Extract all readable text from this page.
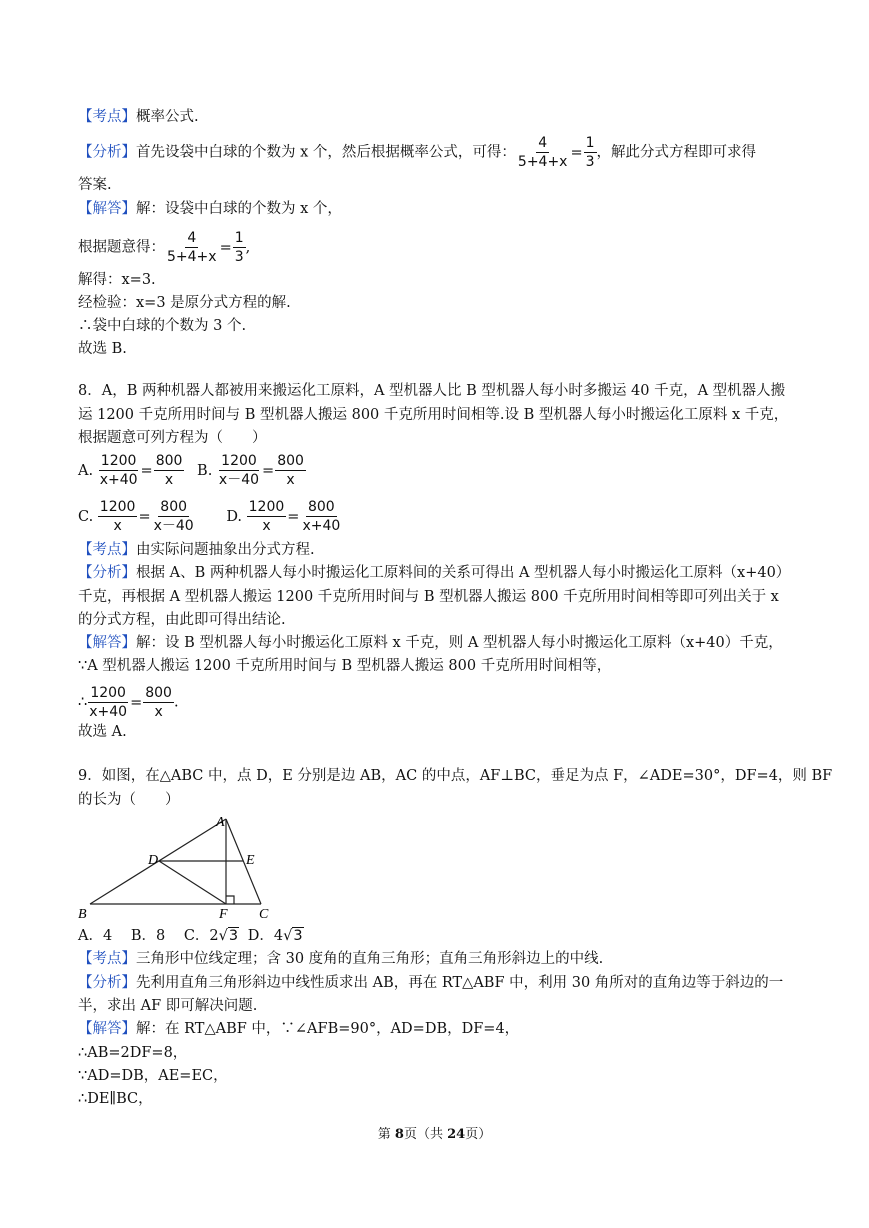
【考点】概率公式.
【分析】首先设袋中白球的个数为 x 个，然后根据概率公式，可得： $\frac{4}{5+4+x} = \frac{1}{3}$ ，解此分式方程即可求得
答案.
【解答】解：设袋中白球的个数为 x 个，
根据题意得： $\frac{4}{5+4+x} = \frac{1}{3}$ ,
解得：x=3.
经检验：x=3 是原分式方程的解.
∴袋中白球的个数为 3 个.
故选 B.
8．A，B 两种机器人都被用来搬运化工原料，A 型机器人比 B 型机器人每小时多搬运 40 千克，A 型机器人搬
运 1200 千克所用时间与 B 型机器人搬运 800 千克所用时间相等.设 B 型机器人每小时搬运化工原料 x 千克，
根据题意可列方程为（　　）
A. $\frac{1200}{x+40} = \frac{800}{x} B$. $\frac{1200}{x-40} = \frac{800}{x}$
C. $\frac{1200}{x} = \frac{800}{x-40} D$. $\frac{1200}{x} = \frac{800}{x+40}$
【考点】由实际问题抽象出分式方程.
【分析】根据 A、B 两种机器人每小时搬运化工原料间的关系可得出 A 型机器人每小时搬运化工原料（x+40）
千克，再根据 A 型机器人搬运 1200 千克所用时间与 B 型机器人搬运 800 千克所用时间相等即可列出关于 x
的分式方程，由此即可得出结论.
【解答】解：设 B 型机器人每小时搬运化工原料 x 千克，则 A 型机器人每小时搬运化工原料（x+40）千克，
∵A 型机器人搬运 1200 千克所用时间与 B 型机器人搬运 800 千克所用时间相等，
∴ $\frac{1200}{x+40} = \frac{800}{x}$ .
故选 A.
9．如图，在△ABC 中，点 D，E 分别是边 AB，AC 的中点，AF⊥BC，垂足为点 F，∠ADE=30°，DF=4，则 BF
的长为（　　）
A
B	C
D	E
F
A．4 B．8 C．2√3 D．4√3
【考点】三角形中位线定理；含 30 度角的直角三角形；直角三角形斜边上的中线.
【分析】先利用直角三角形斜边中线性质求出 AB，再在 RT△ABF 中，利用 30 角所对的直角边等于斜边的一
半，求出 AF 即可解决问题.
【解答】解：在 RT△ABF 中，∵∠AFB=90°，AD=DB，DF=4，
∴AB=2DF=8，
∵AD=DB，AE=EC，
∴DE∥BC，
第 8页（共 24页）
